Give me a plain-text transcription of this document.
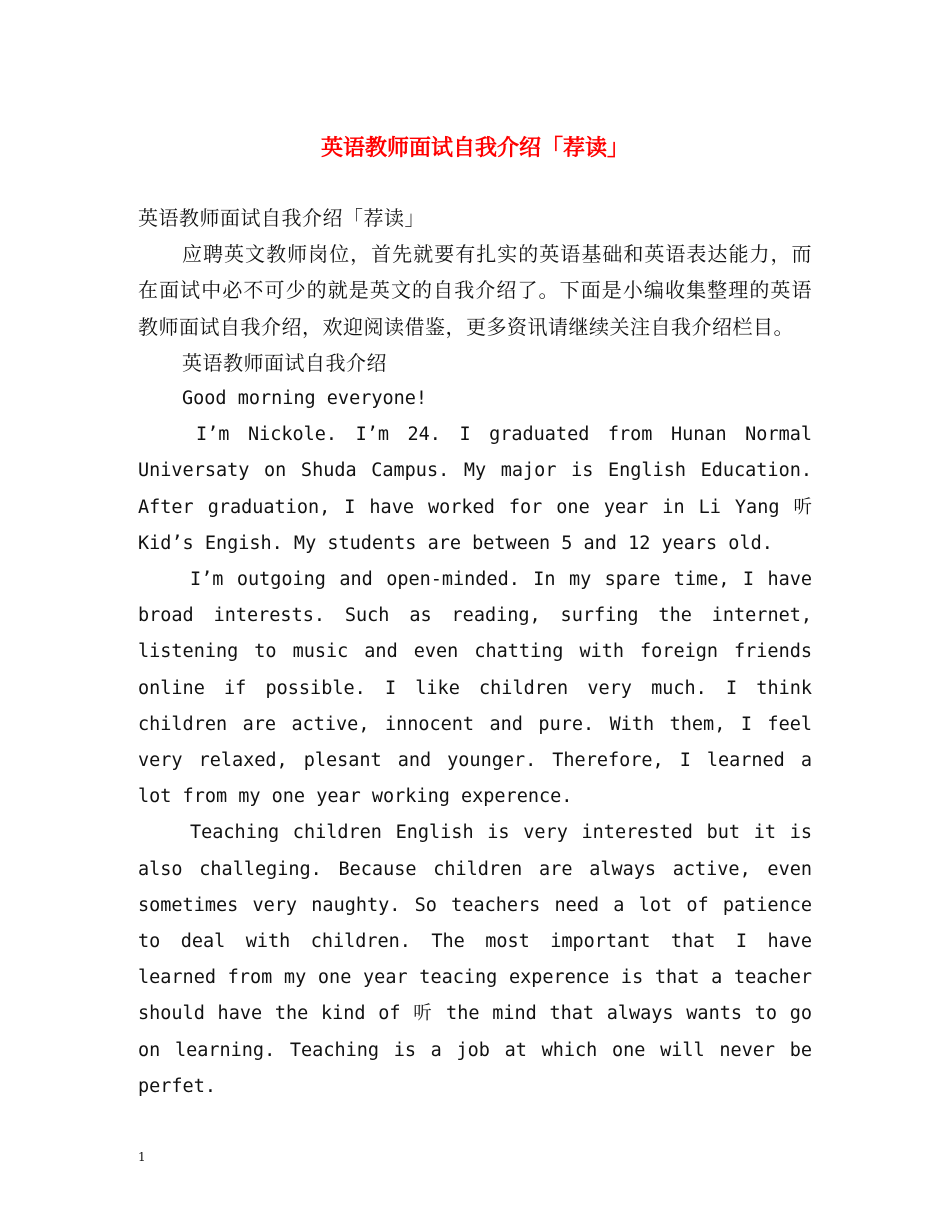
英语教师面试自我介绍「荐读」

英语教师面试自我介绍「荐读」

应聘英文教师岗位，首先就要有扎实的英语基础和英语表达能力，而在面试中必不可少的就是英文的自我介绍了。下面是小编收集整理的英语教师面试自我介绍，欢迎阅读借鉴，更多资讯请继续关注自我介绍栏目。

英语教师面试自我介绍

Good morning everyone!

I’m Nickole. I’m 24. I graduated from Hunan Normal Universaty on Shuda Campus. My major is English Education. After graduation, I have worked for one year in Li Yang 听 Kid’s Engish. My students are between 5 and 12 years old.

I’m outgoing and open-minded. In my spare time, I have broad interests. Such as reading, surfing the internet, listening to music and even chatting with foreign friends online if possible. I like children very much. I think children are active, innocent and pure. With them, I feel very relaxed, plesant and younger. Therefore, I learned a lot from my one year working experence.

Teaching children English is very interested but it is also challeging. Because children are always active, even sometimes very naughty. So teachers need a lot of patience to deal with children. The most important that I have learned from my one year teacing experence is that a teacher should have the kind of 听 the mind that always wants to go on learning. Teaching is a job at which one will never be perfet.

1
